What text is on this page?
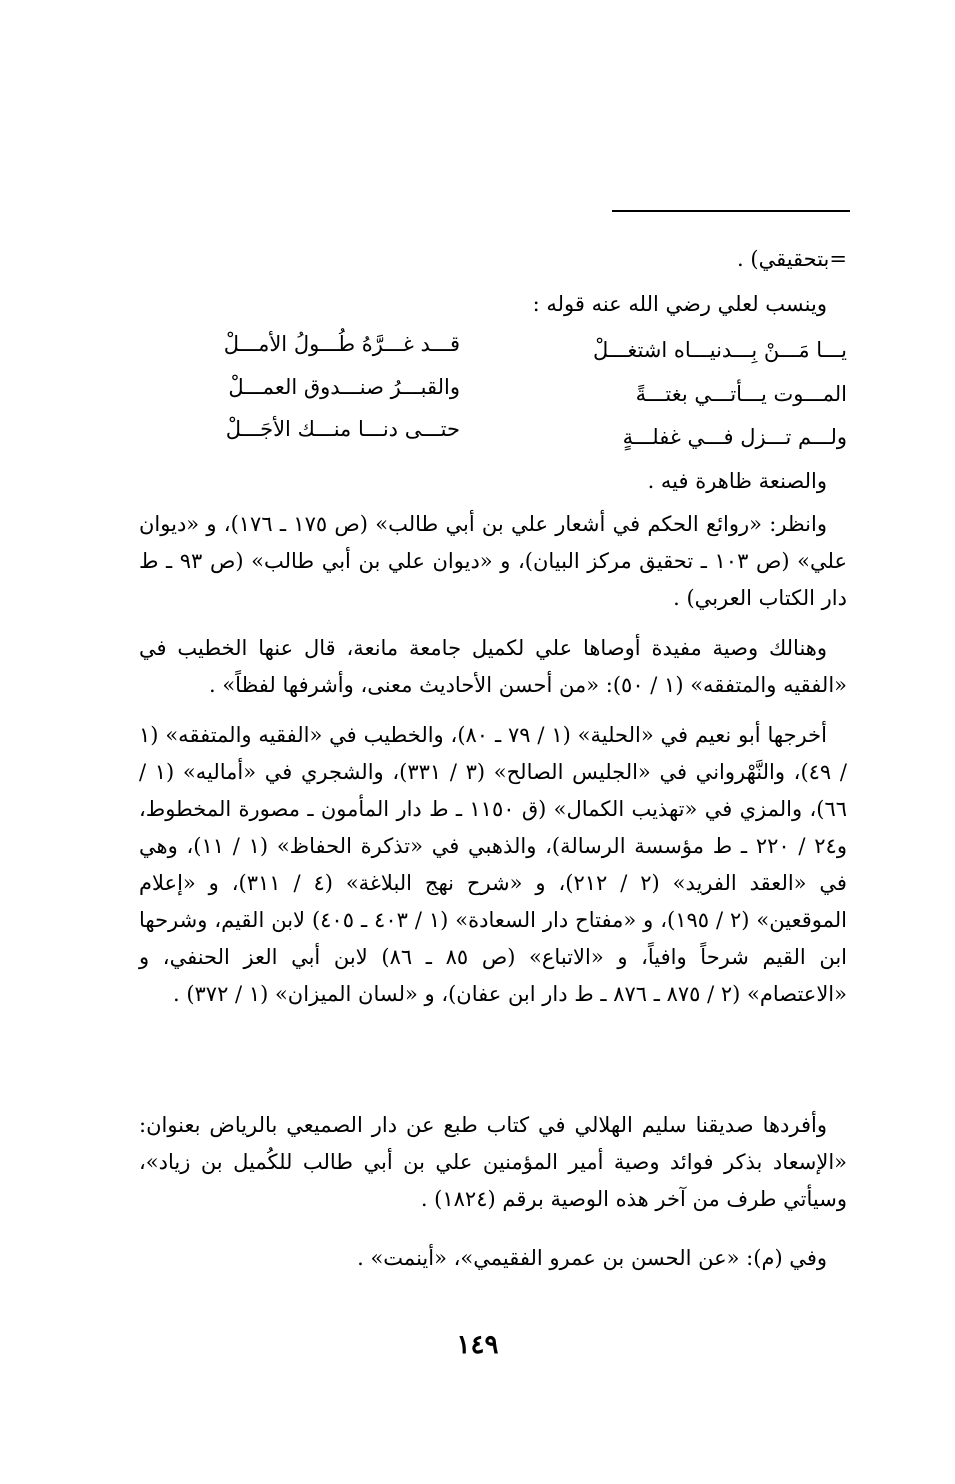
=بتحقيقي) .
وينسب لعلي رضي الله عنه قوله :
يـــا مَـــنْ بِـــدنيـــاه اشتغـــلْ
قـــد غـــرَّهُ طُـــولُ الأمـــلْ
المـــوت يـــأتـــي بغتـــةً
والقبـــرُ صنـــدوق العمـــلْ
ولـــم تـــزل فـــي غفلـــةٍ
حتـــى دنـــا منـــك الأجَـــلْ
والصنعة ظاهرة فيه .
وانظر: «روائع الحكم في أشعار علي بن أبي طالب» (ص ١٧٥ ـ ١٧٦)، و «ديوان علي» (ص ١٠٣ ـ تحقيق مركز البيان)، و «ديوان علي بن أبي طالب» (ص ٩٣ ـ ط دار الكتاب العربي) .
وهنالك وصية مفيدة أوصاها علي لكميل جامعة مانعة، قال عنها الخطيب في «الفقيه والمتفقه» (١ / ٥٠): «من أحسن الأحاديث معنى، وأشرفها لفظاً» .
أخرجها أبو نعيم في «الحلية» (١ / ٧٩ ـ ٨٠)، والخطيب في «الفقيه والمتفقه» (١ / ٤٩)، والنَّهْرواني في «الجليس الصالح» (٣ / ٣٣١)، والشجري في «أماليه» (١ / ٦٦)، والمزي في «تهذيب الكمال» (ق ١١٥٠ ـ ط دار المأمون ـ مصورة المخطوط، و٢٤ / ٢٢٠ ـ ط مؤسسة الرسالة)، والذهبي في «تذكرة الحفاظ» (١ / ١١)، وهي في «العقد الفريد» (٢ / ٢١٢)، و «شرح نهج البلاغة» (٤ / ٣١١)، و «إعلام الموقعين» (٢ / ١٩٥)، و «مفتاح دار السعادة» (١ / ٤٠٣ ـ ٤٠٥) لابن القيم، وشرحها ابن القيم شرحاً وافياً، و «الاتباع» (ص ٨٥ ـ ٨٦) لابن أبي العز الحنفي، و «الاعتصام» (٢ / ٨٧٥ ـ ٨٧٦ ـ ط دار ابن عفان)، و «لسان الميزان» (١ / ٣٧٢) .
وأفردها صديقنا سليم الهلالي في كتاب طبع عن دار الصميعي بالرياض بعنوان: «الإسعاد بذكر فوائد وصية أمير المؤمنين علي بن أبي طالب للكُميل بن زياد»، وسيأتي طرف من آخر هذه الوصية برقم (١٨٢٤) .
وفي (م): «عن الحسن بن عمرو الفقيمي»، «أينمت» .
١٤٩
